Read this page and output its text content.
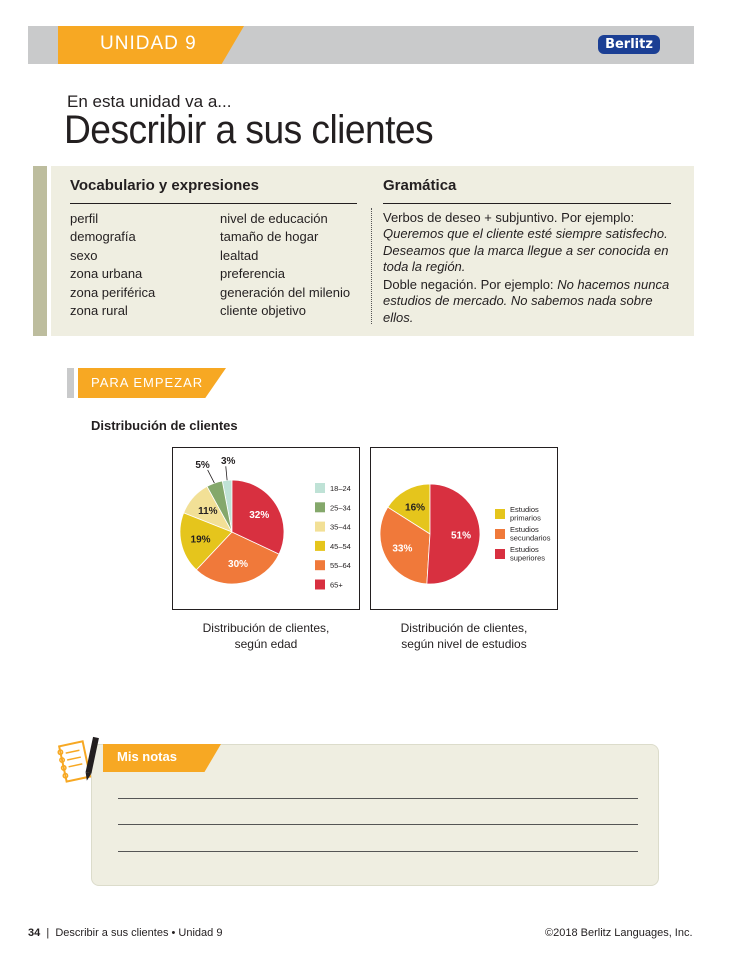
UNIDAD 9	Berlitz
En esta unidad va a...
Describir a sus clientes
Vocabulario y expresiones	Gramática
perfil
demografía
sexo
zona urbana
zona periférica
zona rural
nivel de educación
tamaño de hogar
lealtad
preferencia
generación del milenio
cliente objetivo

Verbos de deseo + subjuntivo. Por ejemplo: Queremos que el cliente esté siempre satisfecho. Deseamos que la marca llegue a ser conocida en toda la región.

Doble negación. Por ejemplo: No hacemos nunca estudios de mercado. No sabemos nada sobre ellos.

PARA EMPEZAR
Distribución de clientes
3%
5%
11%
19%
30%
32%
18–24
25–34
35–44
45–54
55–64
65+
16%
33%
51%
Estudios primarios
Estudios secundarios
Estudios superiores
Distribución de clientes,
según edad
Distribución de clientes,
según nivel de estudios
Mis notas
34  |  Describir a sus clientes • Unidad 9	©2018 Berlitz Languages, Inc.
